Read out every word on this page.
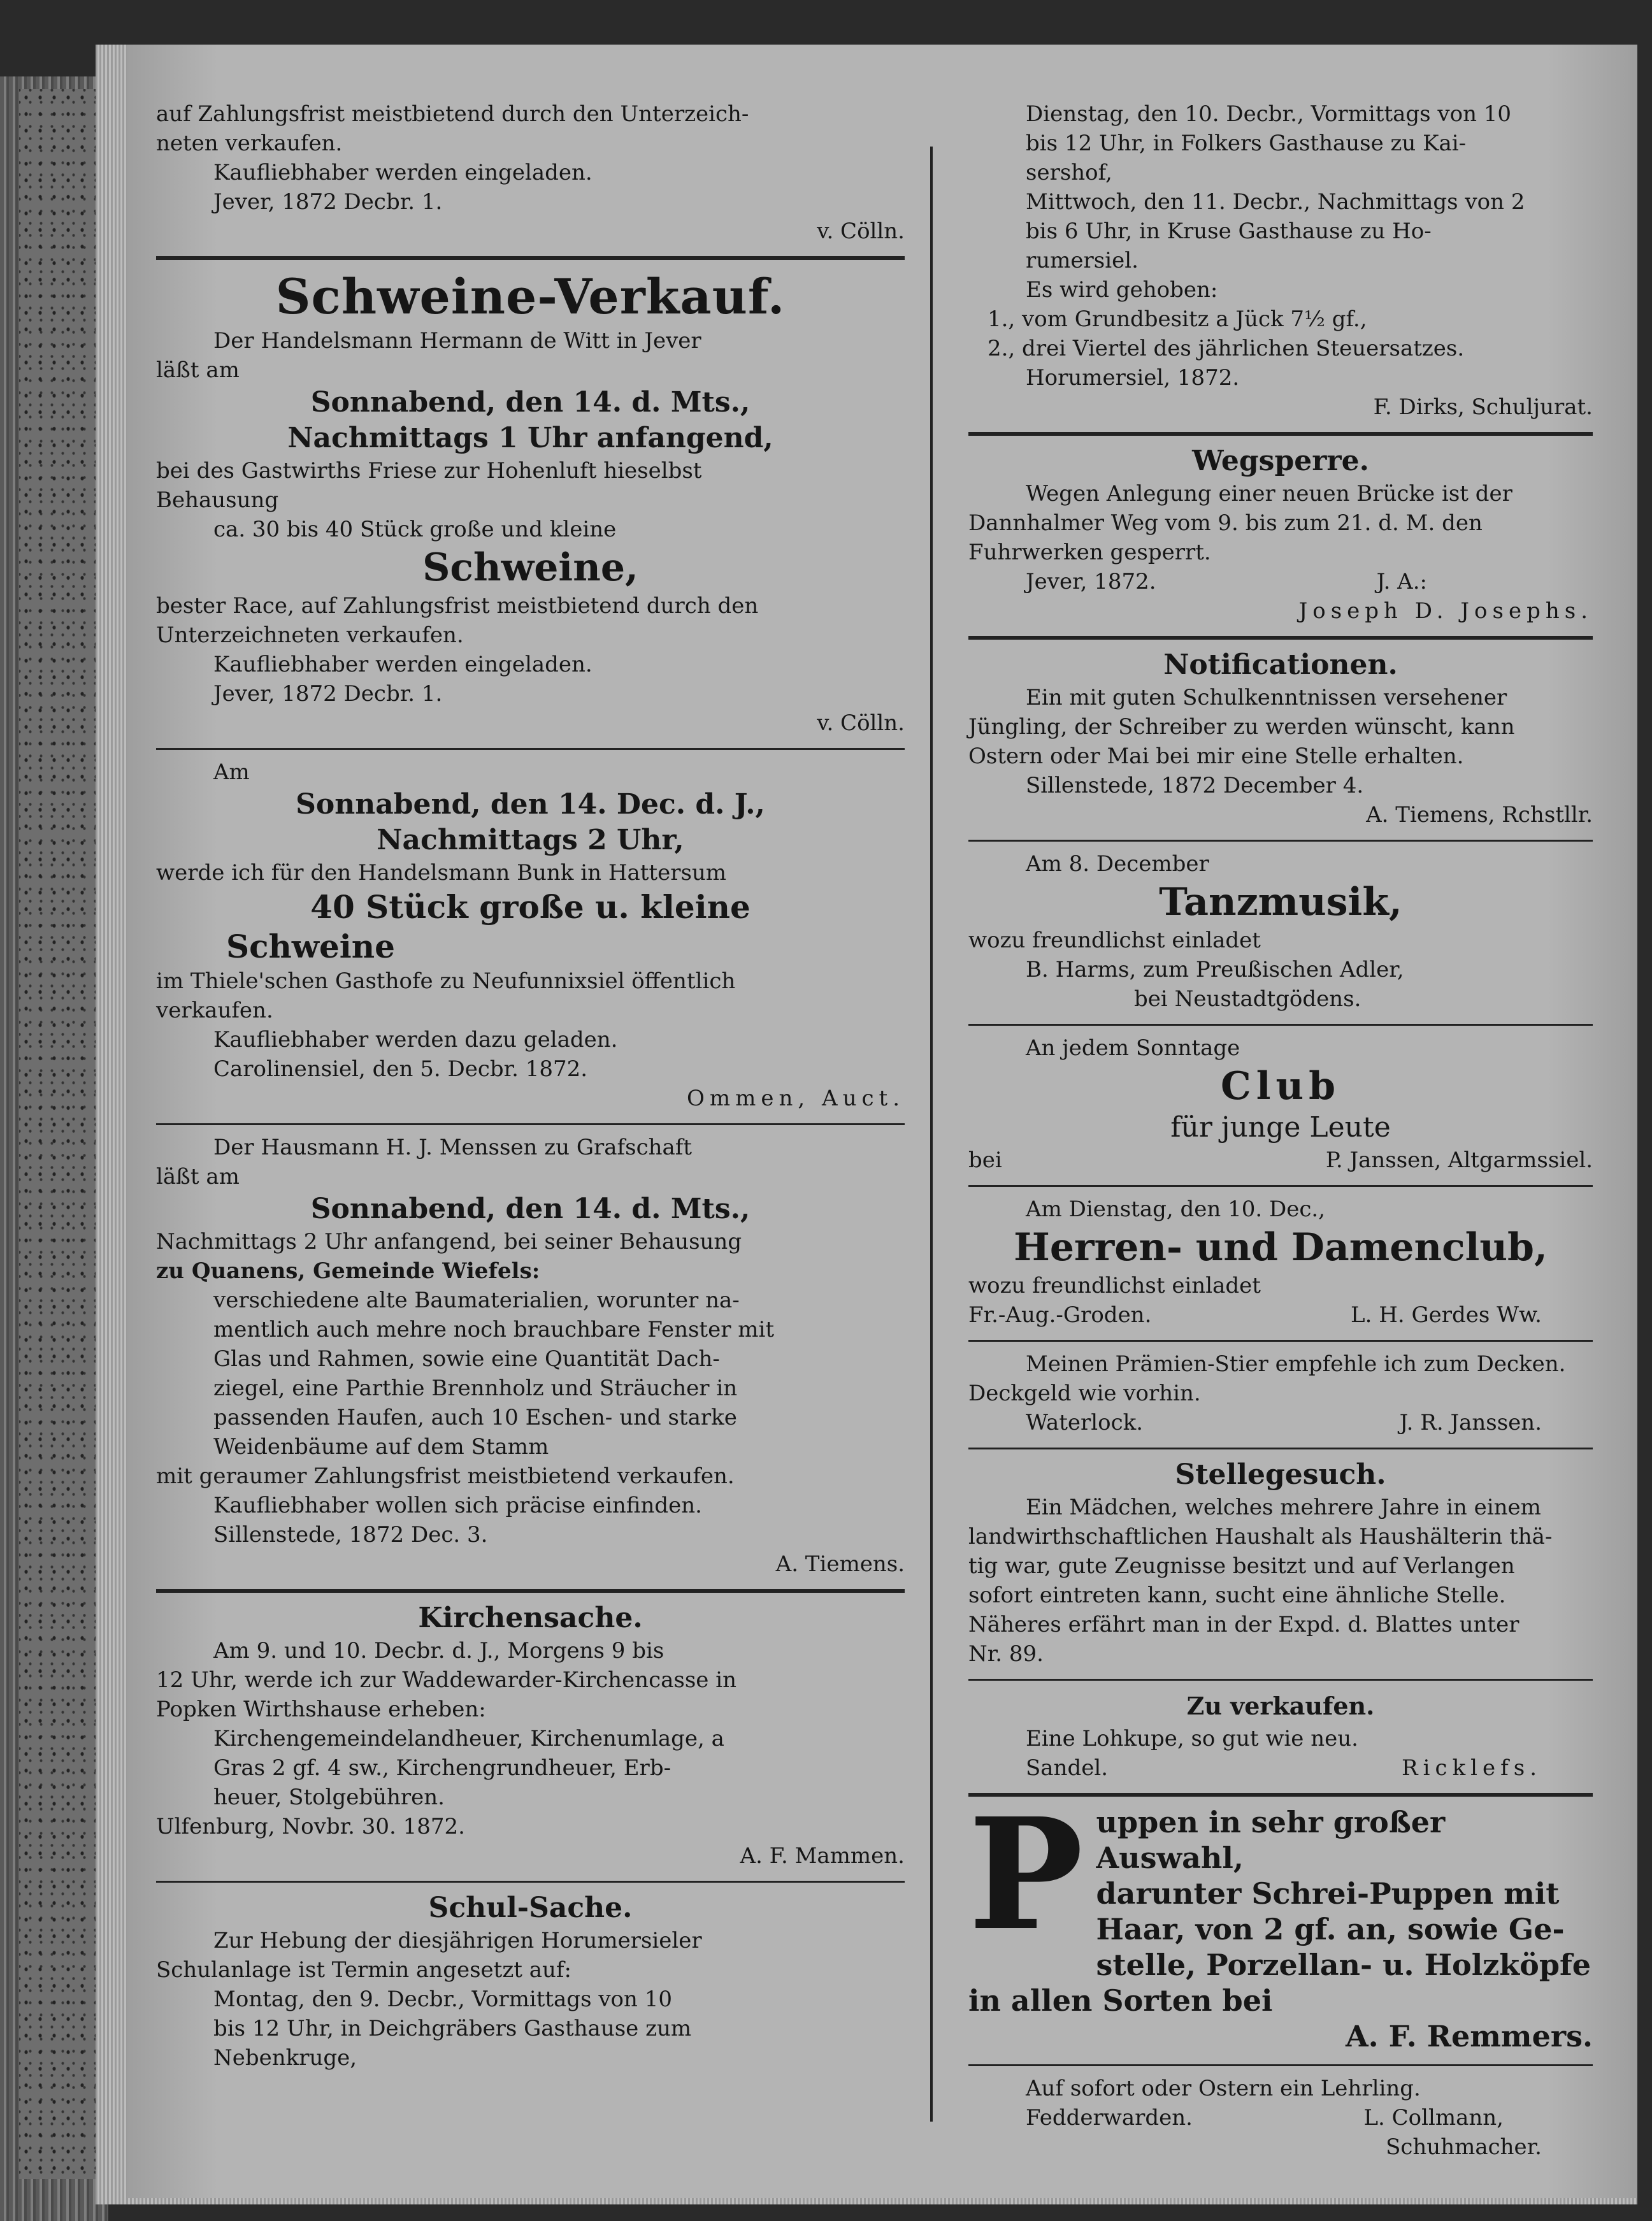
auf Zahlungsfrist meistbietend durch den Unterzeich-

neten verkaufen.

Kaufliebhaber werden eingeladen.

Jever, 1872 Decbr. 1.

v. Cölln.

Schweine-Verkauf.

Der Handelsmann Hermann de Witt in Jever

läßt am

Sonnabend, den 14. d. Mts.,
Nachmittags 1 Uhr anfangend,

bei des Gastwirths Friese zur Hohenluft hieselbst

Behausung

ca. 30 bis 40 Stück große und kleine

Schweine,

bester Race, auf Zahlungsfrist meistbietend durch den

Unterzeichneten verkaufen.

Kaufliebhaber werden eingeladen.

Jever, 1872 Decbr. 1.

v. Cölln.

Am

Sonnabend, den 14. Dec. d. J.,
Nachmittags 2 Uhr,

werde ich für den Handelsmann Bunk in Hattersum

40 Stück große u. kleine
Schweine

im Thiele'schen Gasthofe zu Neufunnixsiel öffentlich

verkaufen.

Kaufliebhaber werden dazu geladen.

Carolinensiel, den 5. Decbr. 1872.

Ommen, Auct.

Der Hausmann H. J. Menssen zu Grafschaft

läßt am

Sonnabend, den 14. d. Mts.,

Nachmittags 2 Uhr anfangend, bei seiner Behausung

zu Quanens, Gemeinde Wiefels:

verschiedene alte Baumaterialien, worunter na-

mentlich auch mehre noch brauchbare Fenster mit

Glas und Rahmen, sowie eine Quantität Dach-

ziegel, eine Parthie Brennholz und Sträucher in

passenden Haufen, auch 10 Eschen- und starke

Weidenbäume auf dem Stamm

mit geraumer Zahlungsfrist meistbietend verkaufen.

Kaufliebhaber wollen sich präcise einfinden.

Sillenstede, 1872 Dec. 3.

A. Tiemens.

Kirchensache.

Am 9. und 10. Decbr. d. J., Morgens 9 bis

12 Uhr, werde ich zur Waddewarder-Kirchencasse in

Popken Wirthshause erheben:

Kirchengemeindelandheuer, Kirchenumlage, a

Gras 2 gf. 4 sw., Kirchengrundheuer, Erb-

heuer, Stolgebühren.

Ulfenburg, Novbr. 30. 1872.

A. F. Mammen.

Schul-Sache.

Zur Hebung der diesjährigen Horumersieler

Schulanlage ist Termin angesetzt auf:

Montag, den 9. Decbr., Vormittags von 10

bis 12 Uhr, in Deichgräbers Gasthause zum

Nebenkruge,

Dienstag, den 10. Decbr., Vormittags von 10

bis 12 Uhr, in Folkers Gasthause zu Kai-

sershof,

Mittwoch, den 11. Decbr., Nachmittags von 2

bis 6 Uhr, in Kruse Gasthause zu Ho-

rumersiel.

Es wird gehoben:

1., vom Grundbesitz a Jück 7½ gf.,

2., drei Viertel des jährlichen Steuersatzes.

Horumersiel, 1872.

F. Dirks, Schuljurat.

Wegsperre.

Wegen Anlegung einer neuen Brücke ist der

Dannhalmer Weg vom 9. bis zum 21. d. M. den

Fuhrwerken gesperrt.

Jever, 1872.	J. A.:

Joseph D. Josephs.

Notificationen.

Ein mit guten Schulkenntnissen versehener

Jüngling, der Schreiber zu werden wünscht, kann

Ostern oder Mai bei mir eine Stelle erhalten.

Sillenstede, 1872 December 4.

A. Tiemens, Rchstllr.

Am 8. December

Tanzmusik,

wozu freundlichst einladet

B. Harms, zum Preußischen Adler,

bei Neustadtgödens.

An jedem Sonntage

Club
für junge Leute
bei	P. Janssen, Altgarmssiel.

Am Dienstag, den 10. Dec.,

Herren- und Damenclub,

wozu freundlichst einladet

Fr.-Aug.-Groden.	L. H. Gerdes Ww.

Meinen Prämien-Stier empfehle ich zum Decken.

Deckgeld wie vorhin.

Waterlock.	J. R. Janssen.
Stellegesuch.

Ein Mädchen, welches mehrere Jahre in einem

landwirthschaftlichen Haushalt als Haushälterin thä-

tig war, gute Zeugnisse besitzt und auf Verlangen

sofort eintreten kann, sucht eine ähnliche Stelle.

Näheres erfährt man in der Expd. d. Blattes unter

Nr. 89.

Zu verkaufen.

Eine Lohkupe, so gut wie neu.

Sandel.	Ricklefs.
P uppen in sehr großer Auswahl,
darunter Schrei-Puppen mit
Haar, von 2 gf. an, sowie Ge-
stelle, Porzellan- u. Holzköpfe
in allen Sorten bei
A. F. Remmers.

Auf sofort oder Ostern ein Lehrling.

Fedderwarden.	L. Collmann,

Schuhmacher.
